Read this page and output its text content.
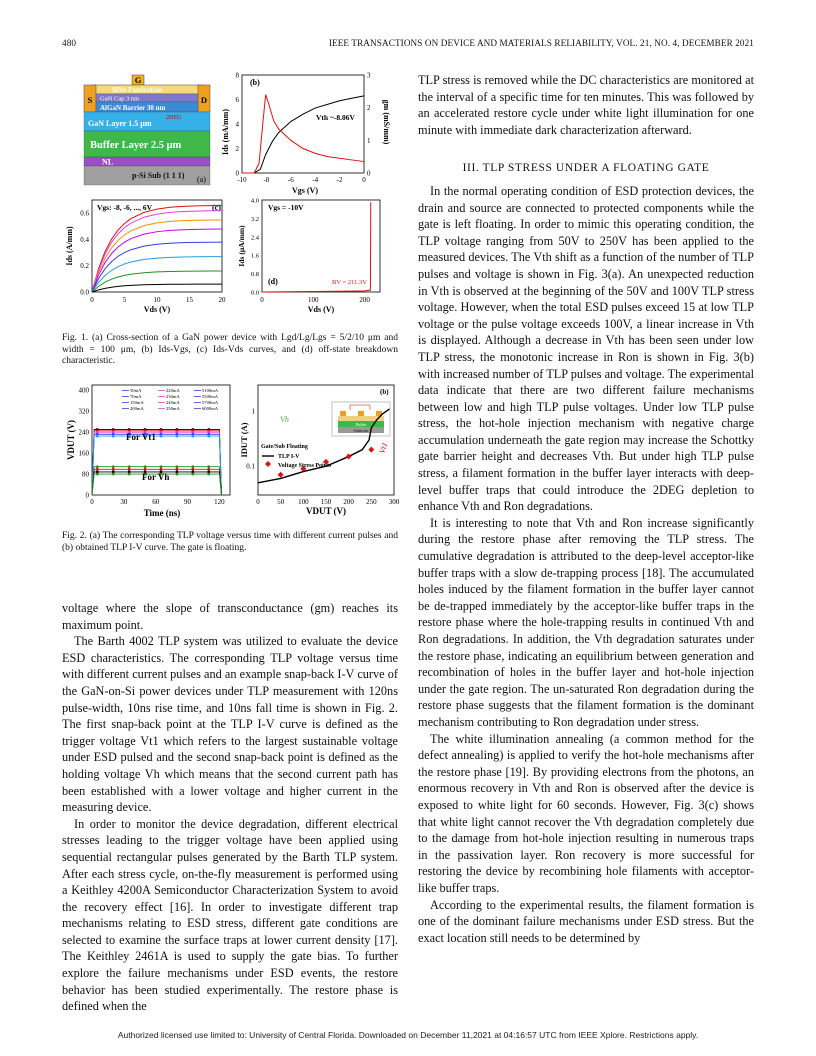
480	IEEE TRANSACTIONS ON DEVICE AND MATERIALS RELIABILITY, VOL. 21, NO. 4, DECEMBER 2021
G
SiNx Passivation
S	D
GaN Cap 3 nm
AlGaN Barrier 30 nm
GaN Layer 1.5 μm
2DEG
Buffer Layer 2.5 μm
NL
p-Si Sub (1 1 1) (a)
(b)
0
2
4
6
8
0
1
2
3
-10 -8	-6	-4	-2	0
Vth ~-8.06V
Ids (mA/mm)	gm (mS/mm)
Vgs (V)
Vgs: -8, -6, ..., 6V	(c)
0.0
0.2
0.4
0.6
0	5	10	15	20
Ids (A/mm)
Vds (V)
Vgs = -10V
(d)	BV = 211.3V
0.0
0.8
1.6
2.4
3.2
4.0
0	100	200
Ids (μA/mm)
Vds (V)
Fig. 1. (a) Cross-section of a GaN power device with Lgd/Lg/Lgs = 5/2/10 μm and width = 100 μm, (b) Ids-Vgs, (c) Ids-Vds curves, and (d) off-state breakdown characteristic.
0
80
160
240
320
400
0	30	60	90	120
50mA	220mA	5100mA
70mA	230mA	5500mA
150mA	240mA	5700mA
200mA	250mA	6000mA
For Vt1
For Vh
VDUT (V)
Time (ns)
(b)
0.1
1
0 50 100 150 200 250 300
Buffer
Substrate
Vh
Vt1
Gate/Sub Floating
TLP I-V
Voltage Stress Points
IDUT (A)
VDUT (V)
Fig. 2. (a) The corresponding TLP voltage versus time with different current pulses and (b) obtained TLP I-V curve. The gate is floating.

voltage where the slope of transconductance (gm) reaches its maximum point.

The Barth 4002 TLP system was utilized to evaluate the device ESD characteristics. The corresponding TLP voltage versus time with different current pulses and an example snap-back I-V curve of the GaN-on-Si power devices under TLP measurement with 120ns pulse-width, 10ns rise time, and 10ns fall time is shown in Fig. 2. The first snap-back point at the TLP I-V curve is defined as the trigger voltage Vt1 which refers to the largest sustainable voltage under ESD pulsed and the second snap-back point is defined as the holding voltage Vh which means that the second current path has been established with a lower voltage and higher current in the measuring device.

In order to monitor the device degradation, different electrical stresses leading to the trigger voltage have been applied using sequential rectangular pulses generated by the Barth TLP system. After each stress cycle, on-the-fly measurement is performed using a Keithley 4200A Semiconductor Characterization System to avoid the recovery effect [16]. In order to investigate different trap mechanisms relating to ESD stress, different gate conditions are selected to examine the surface traps at lower current density [17]. The Keithley 2461A is used to supply the gate bias. To further explore the failure mechanisms under ESD events, the restore behavior has been studied experimentally. The restore phase is defined when the

TLP stress is removed while the DC characteristics are monitored at the interval of a specific time for ten minutes. This was followed by an accelerated restore cycle under white light illumination for one minute with immediate dark characterization afterward.

III. TLP STRESS UNDER A FLOATING GATE

In the normal operating condition of ESD protection devices, the drain and source are connected to protected components while the gate is left floating. In order to mimic this operating condition, the TLP voltage ranging from 50V to 250V has been applied to the measured devices. The Vth shift as a function of the number of TLP pulses and voltage is shown in Fig. 3(a). An unexpected reduction in Vth is observed at the beginning of the 50V and 100V TLP stress voltage. However, when the total ESD pulses exceed 15 at low TLP voltage or the pulse voltage exceeds 100V, a linear increase in Vth is displayed. Although a decrease in Vth has been seen under low TLP stress, the monotonic increase in Ron is shown in Fig. 3(b) with increased number of TLP pulses and voltage. The experimental data indicate that there are two different failure mechanisms between low and high TLP pulse voltages. Under low TLP pulse stress, the hot-hole injection mechanism with negative charge accumulation underneath the gate region may increase the Schottky gate barrier height and decreases Vth. But under high TLP pulse stress, a filament formation in the buffer layer interacts with deep-level buffer traps that could introduce the 2DEG depletion to enhance Vth and Ron degradations.

It is interesting to note that Vth and Ron increase significantly during the restore phase after removing the TLP stress. The cumulative degradation is attributed to the deep-level acceptor-like buffer traps with a slow de-trapping process [18]. The accumulated holes induced by the filament formation in the buffer layer cannot be de-trapped immediately by the acceptor-like buffer traps in the restore phase where the hole-trapping results in continued Vth and Ron degradations. In addition, the Vth degradation saturates under the restore phase, indicating an equilibrium between generation and recombination of holes in the buffer layer and hot-hole injection under the gate region. The un-saturated Ron degradation during the restore phase suggests that the filament formation is the dominant mechanism contributing to Ron degradation under stress.

The white illumination annealing (a common method for the defect annealing) is applied to verify the hot-hole mechanisms after the restore phase [19]. By providing electrons from the photons, an enormous recovery in Vth and Ron is observed after the device is exposed to white light for 60 seconds. However, Fig. 3(c) shows that white light cannot recover the Vth degradation completely due to the damage from hot-hole injection resulting in numerous traps in the passivation layer. Ron recovery is more successful for restoring the device by recombining hole filaments with acceptor-like buffer traps.

According to the experimental results, the filament formation is one of the dominant failure mechanisms under ESD stress. But the exact location still needs to be determined by

Authorized licensed use limited to: University of Central Florida. Downloaded on December 11,2021 at 04:16:57 UTC from IEEE Xplore. Restrictions apply.
